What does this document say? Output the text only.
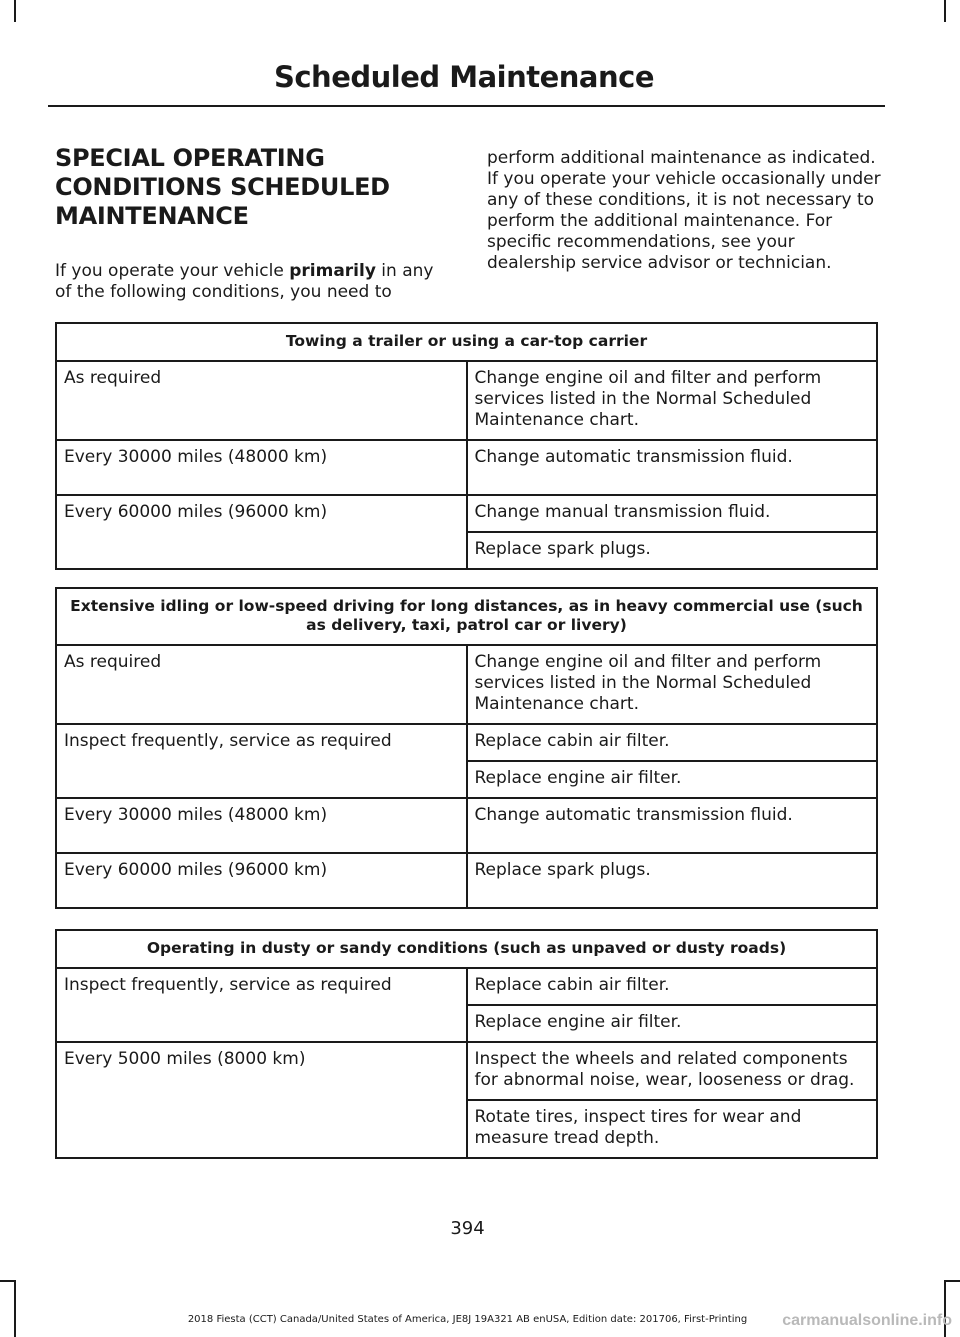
Scheduled Maintenance
SPECIAL OPERATING
CONDITIONS SCHEDULED
MAINTENANCE

If you operate your vehicle primarily in any of the following conditions, you need to

perform additional maintenance as indicated. If you operate your vehicle occasionally under any of these conditions, it is not necessary to perform the additional maintenance. For specific recommendations, see your dealership service advisor or technician.

Towing a trailer or using a car-top carrier	
As required	Change engine oil and filter and perform services listed in the Normal Scheduled Maintenance chart.
Every 30000 miles (48000 km)	Change automatic transmission fluid.
Every 60000 miles (96000 km)	Change manual transmission fluid.
	Replace spark plugs.
Extensive idling or low-speed driving for long distances, as in heavy commercial use (such as delivery, taxi, patrol car or livery)	
As required	Change engine oil and filter and perform services listed in the Normal Scheduled Maintenance chart.
Inspect frequently, service as required	Replace cabin air filter.
	Replace engine air filter.
Every 30000 miles (48000 km)	Change automatic transmission fluid.
Every 60000 miles (96000 km)	Replace spark plugs.
Operating in dusty or sandy conditions (such as unpaved or dusty roads)	
Inspect frequently, service as required	Replace cabin air filter.
	Replace engine air filter.
Every 5000 miles (8000 km)	Inspect the wheels and related components for abnormal noise, wear, looseness or drag.
	Rotate tires, inspect tires for wear and measure tread depth.

394

2018 Fiesta (CCT) Canada/United States of America, JE8J 19A321 AB enUSA, Edition date: 201706, First-Printing	carmanualsonline.info
